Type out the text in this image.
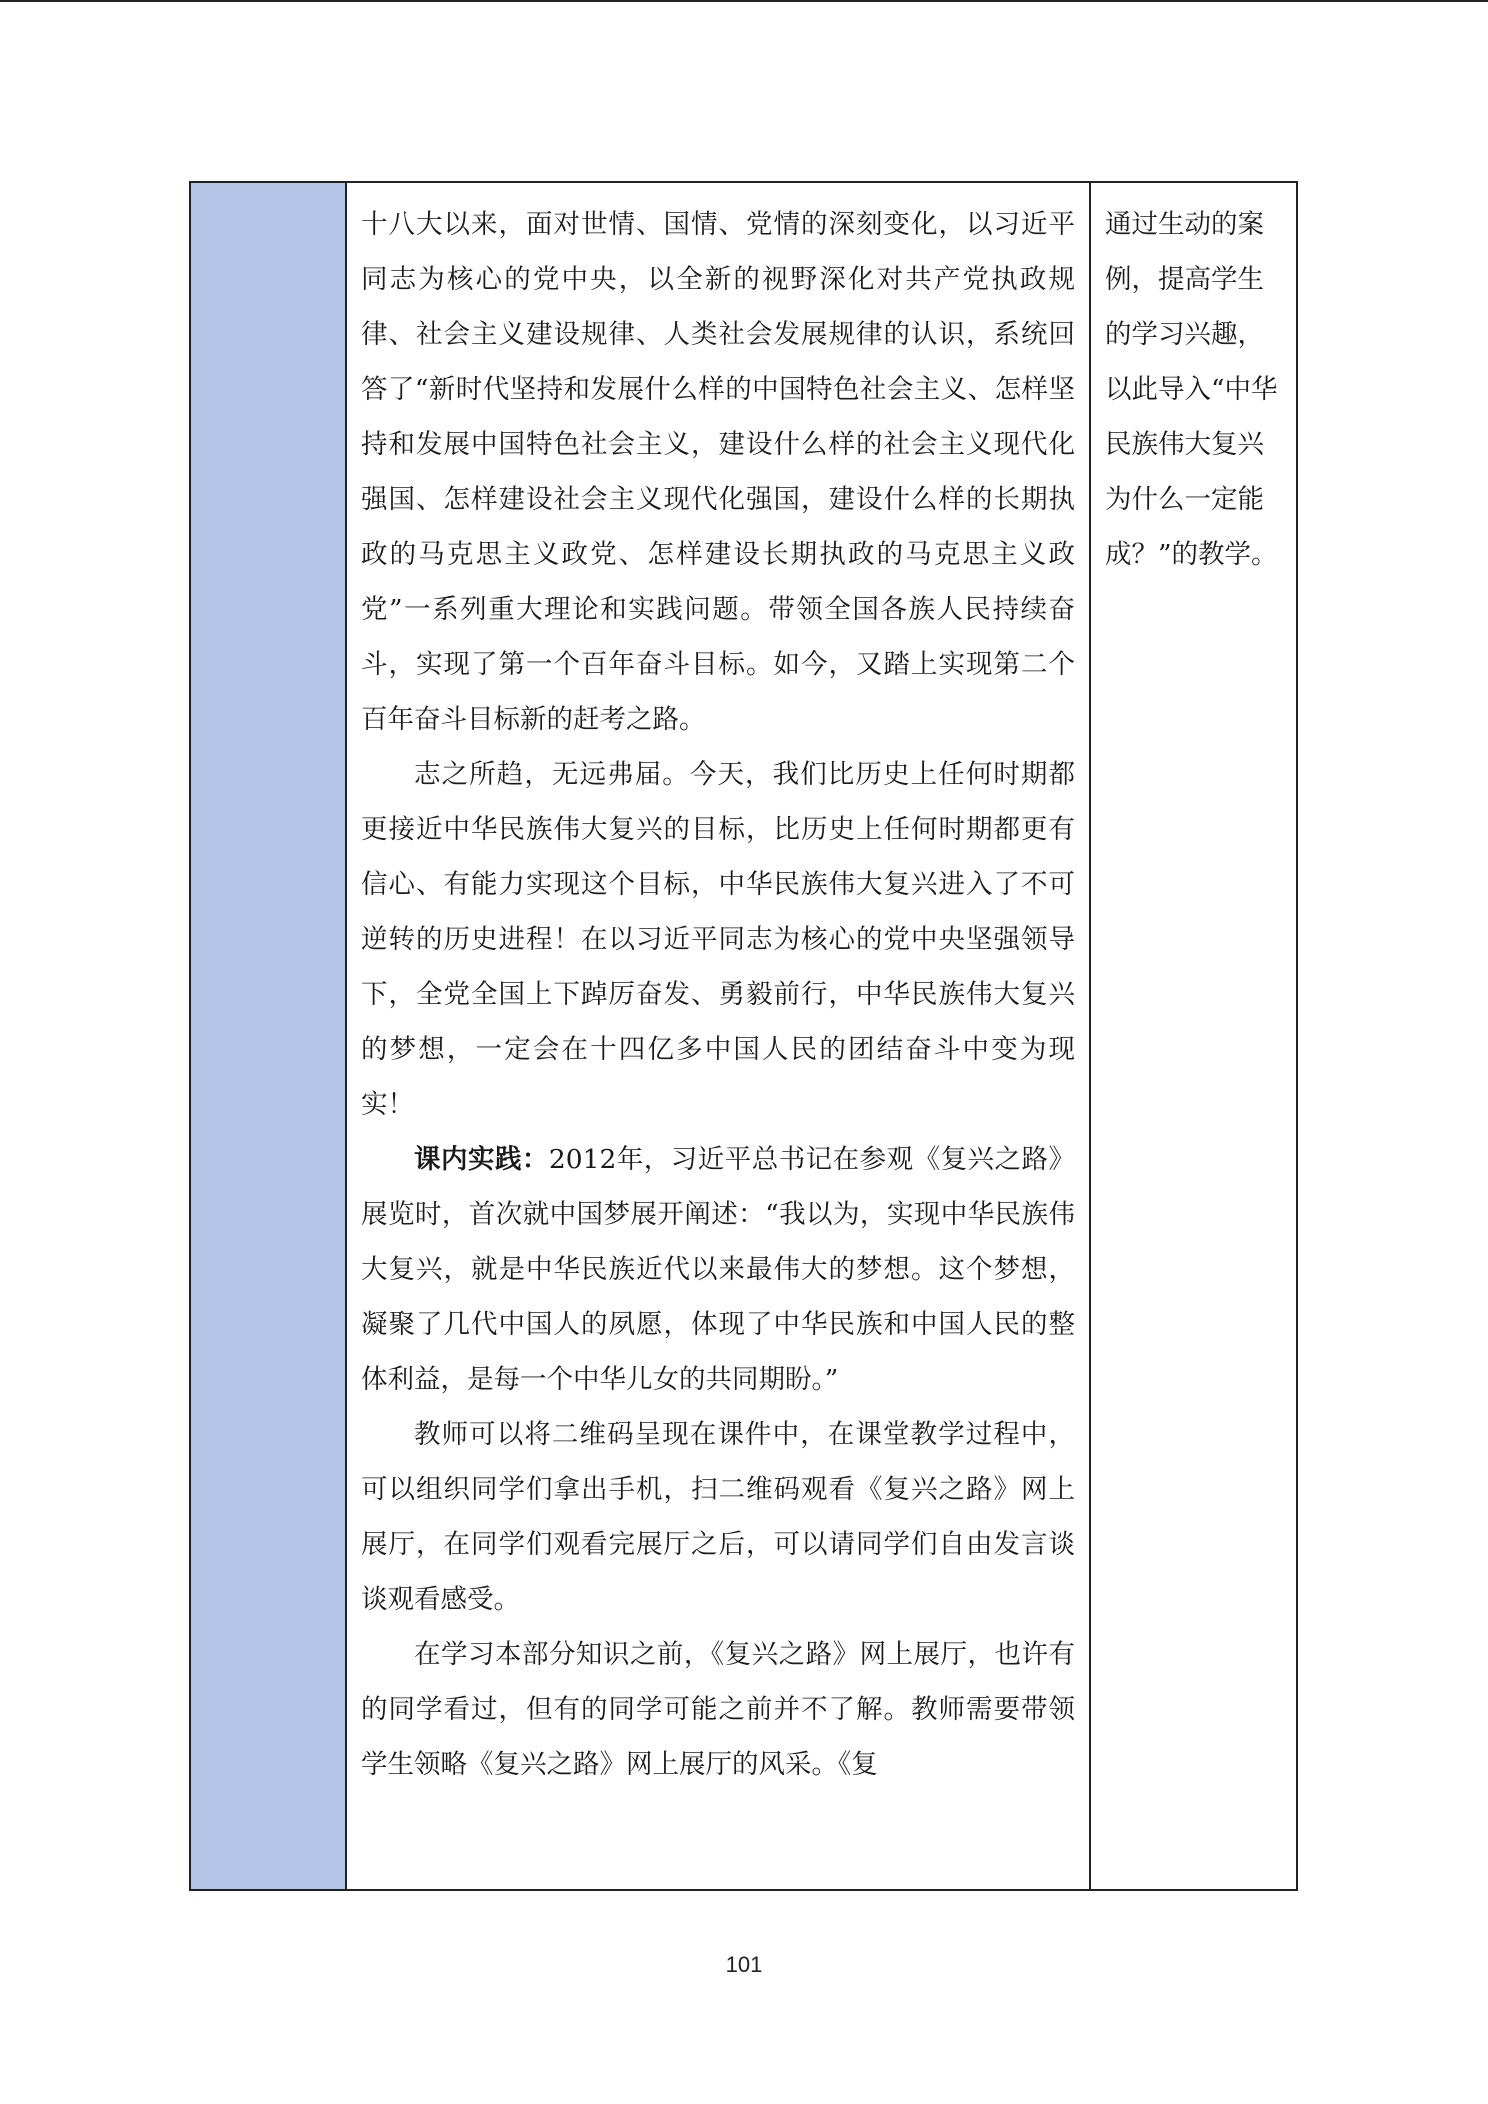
十八大以来，面对世情、国情、党情的深刻变化，以习近平同志为核心的党中央，以全新的视野深化对共产党执政规律、社会主义建设规律、人类社会发展规律的认识，系统回答了“新时代坚持和发展什么样的中国特色社会主义、怎样坚持和发展中国特色社会主义，建设什么样的社会主义现代化强国、怎样建设社会主义现代化强国，建设什么样的长期执政的马克思主义政党、怎样建设长期执政的马克思主义政党”一系列重大理论和实践问题。带领全国各族人民持续奋斗，实现了第一个百年奋斗目标。如今，又踏上实现第二个百年奋斗目标新的赶考之路。

志之所趋，无远弗届。今天，我们比历史上任何时期都更接近中华民族伟大复兴的目标，比历史上任何时期都更有信心、有能力实现这个目标，中华民族伟大复兴进入了不可逆转的历史进程！在以习近平同志为核心的党中央坚强领导下，全党全国上下踔厉奋发、勇毅前行，中华民族伟大复兴的梦想，一定会在十四亿多中国人民的团结奋斗中变为现实！

课内实践：2012年，习近平总书记在参观《复兴之路》展览时，首次就中国梦展开阐述：“我以为，实现中华民族伟大复兴，就是中华民族近代以来最伟大的梦想。这个梦想，凝聚了几代中国人的夙愿，体现了中华民族和中国人民的整体利益，是每一个中华儿女的共同期盼。”

教师可以将二维码呈现在课件中，在课堂教学过程中，可以组织同学们拿出手机，扫二维码观看《复兴之路》网上展厅，在同学们观看完展厅之后，可以请同学们自由发言谈谈观看感受。

在学习本部分知识之前，《复兴之路》网上展厅，也许有的同学看过，但有的同学可能之前并不了解。教师需要带领学生领略《复兴之路》网上展厅的风采。《复

通过生动的案例，提高学生的学习兴趣，以此导入“中华民族伟大复兴为什么一定能成？”的教学。

101
